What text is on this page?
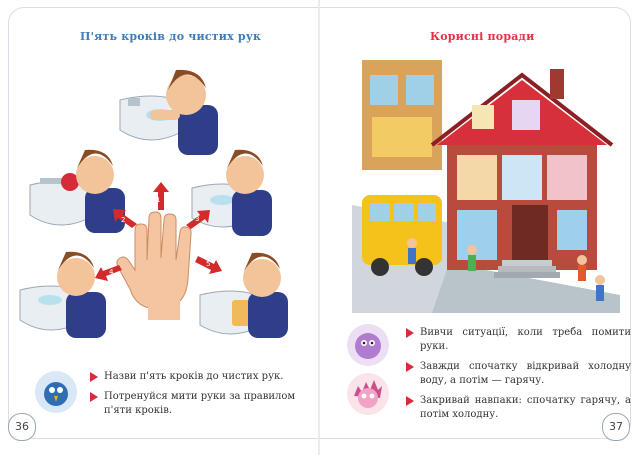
П'ять кроків до чистих рук
1
2	3
4
5
Назви п'ять кроків до чистих рук.
Потренуйся мити руки за правилом п'яти кроків.
36
Корисні поради
Вивчи ситуації, коли треба помити руки.
Завжди спочатку відкривай холодну воду, а потім — гарячу.
Закривай навпаки: спочатку гарячу, а потім холодну.
37
